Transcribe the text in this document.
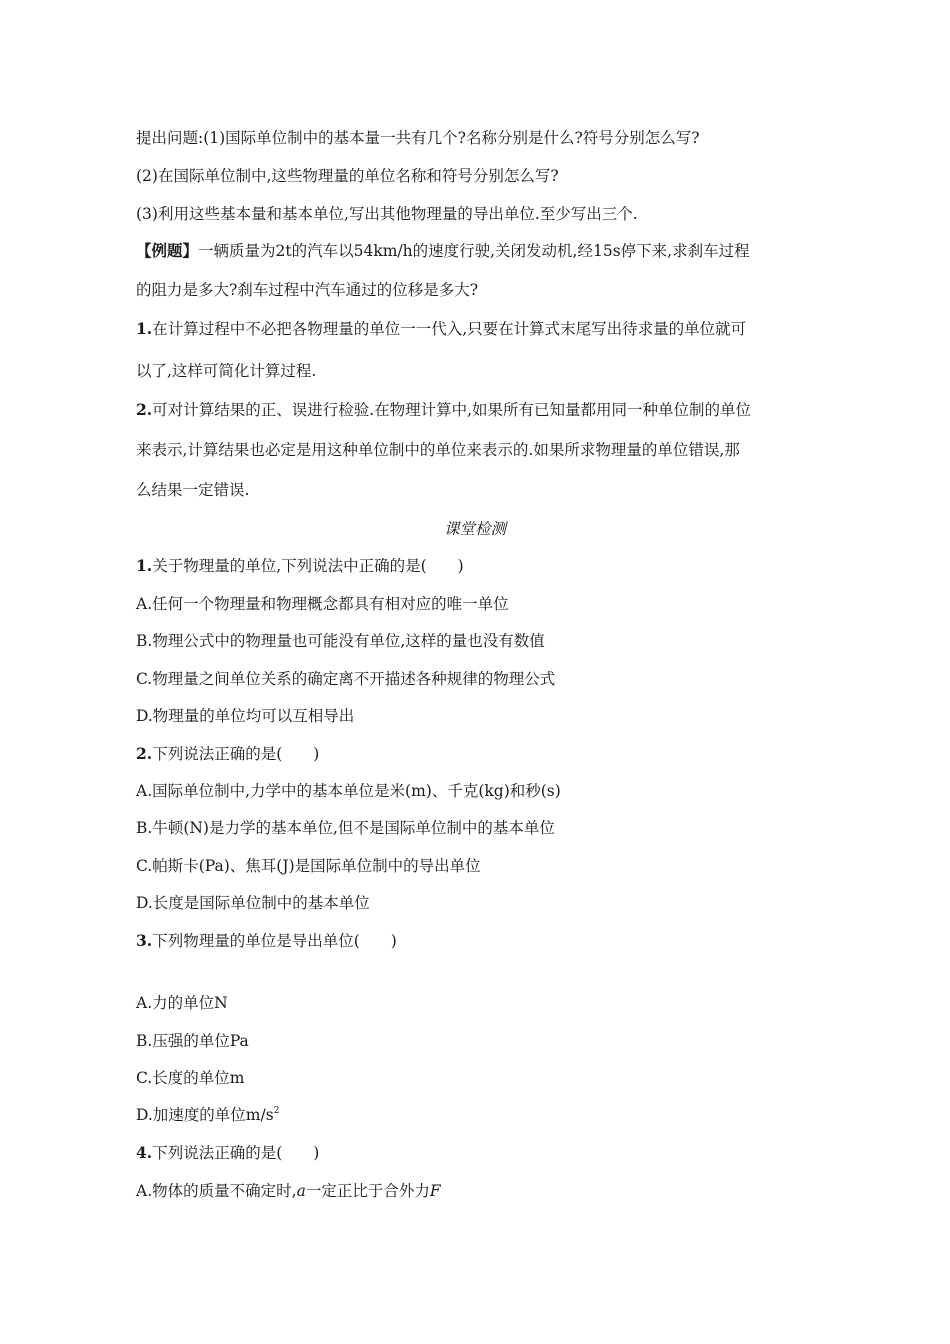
提出问题:(1)国际单位制中的基本量一共有几个?名称分别是什么?符号分别怎么写?
(2)在国际单位制中,这些物理量的单位名称和符号分别怎么写?
(3)利用这些基本量和基本单位,写出其他物理量的导出单位.至少写出三个.
【例题】一辆质量为2t的汽车以54km/h的速度行驶,关闭发动机,经15s停下来,求刹车过程
的阻力是多大?刹车过程中汽车通过的位移是多大?
1.在计算过程中不必把各物理量的单位一一代入,只要在计算式末尾写出待求量的单位就可
以了,这样可简化计算过程.
2.可对计算结果的正、误进行检验.在物理计算中,如果所有已知量都用同一种单位制的单位
来表示,计算结果也必定是用这种单位制中的单位来表示的.如果所求物理量的单位错误,那
么结果一定错误.
课堂检测
1.关于物理量的单位,下列说法中正确的是(　　)
A.任何一个物理量和物理概念都具有相对应的唯一单位
B.物理公式中的物理量也可能没有单位,这样的量也没有数值
C.物理量之间单位关系的确定离不开描述各种规律的物理公式
D.物理量的单位均可以互相导出
2.下列说法正确的是(　　)
A.国际单位制中,力学中的基本单位是米(m)、千克(kg)和秒(s)
B.牛顿(N)是力学的基本单位,但不是国际单位制中的基本单位
C.帕斯卡(Pa)、焦耳(J)是国际单位制中的导出单位
D.长度是国际单位制中的基本单位
3.下列物理量的单位是导出单位(　　)
A.力的单位N
B.压强的单位Pa
C.长度的单位m
D.加速度的单位$m/s^2$
4.下列说法正确的是(　　)
A.物体的质量不确定时,a一定正比于合外力F
